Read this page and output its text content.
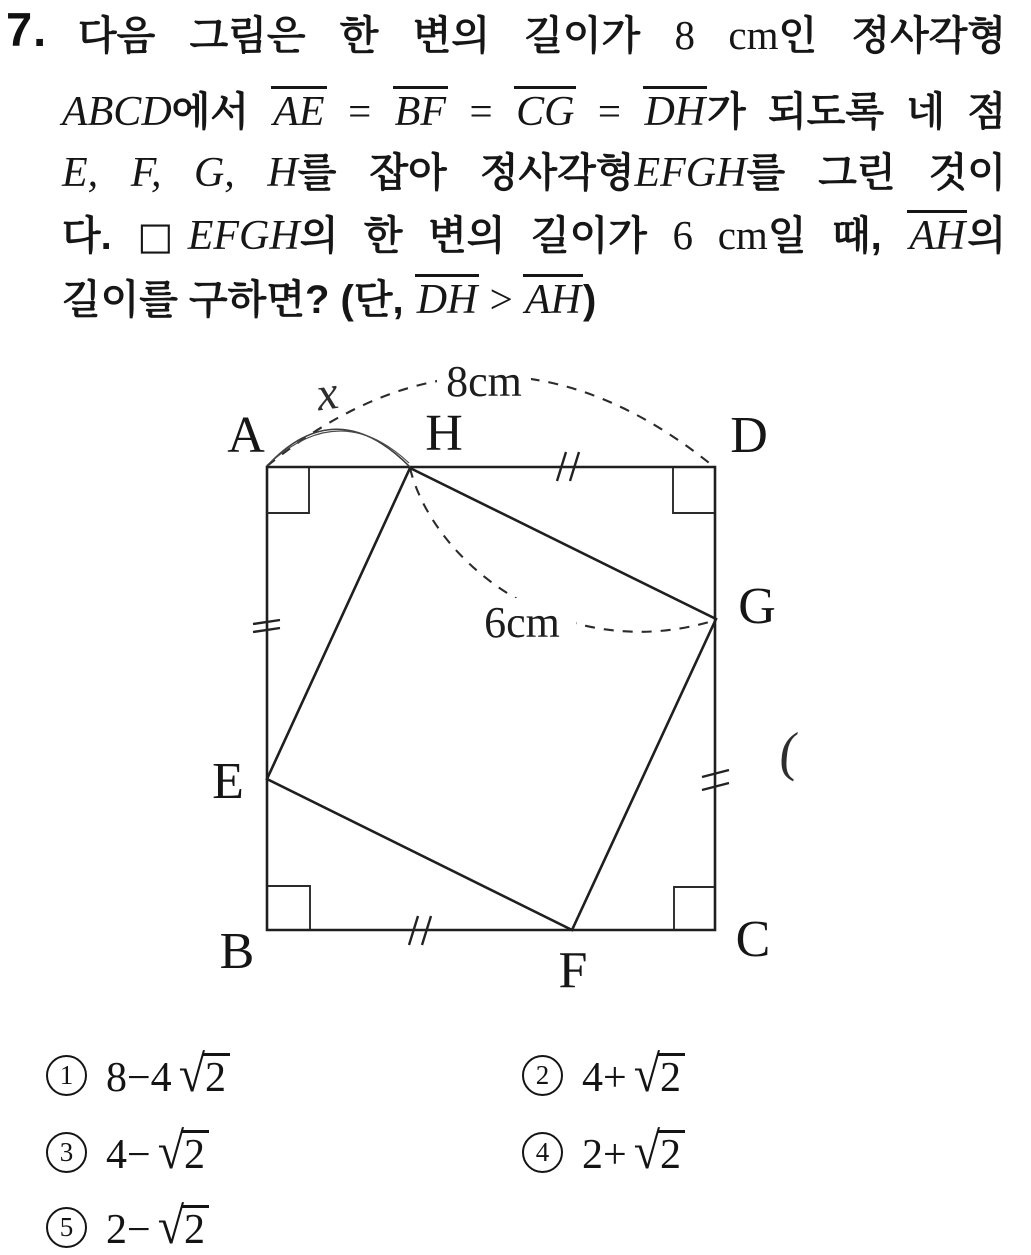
7. 다음 그림은 한 변의 길이가 8 cm인 정사각형
ABCD에서 AE = BF = CG = DH가 되도록 네 점
E, F, G, H를 잡아 정사각형EFGH를 그린 것이
다. □EFGH의 한 변의 길이가 6 cm일 때, AH의
길이를 구하면? (단, DH > AH)
x
(
8cm
6cm
A	H	D
E
G
B	F
C
1 8−4 √ 2	2 4+ √ 2
3 4− √ 2	4 2+ √ 2
5 2− √ 2
